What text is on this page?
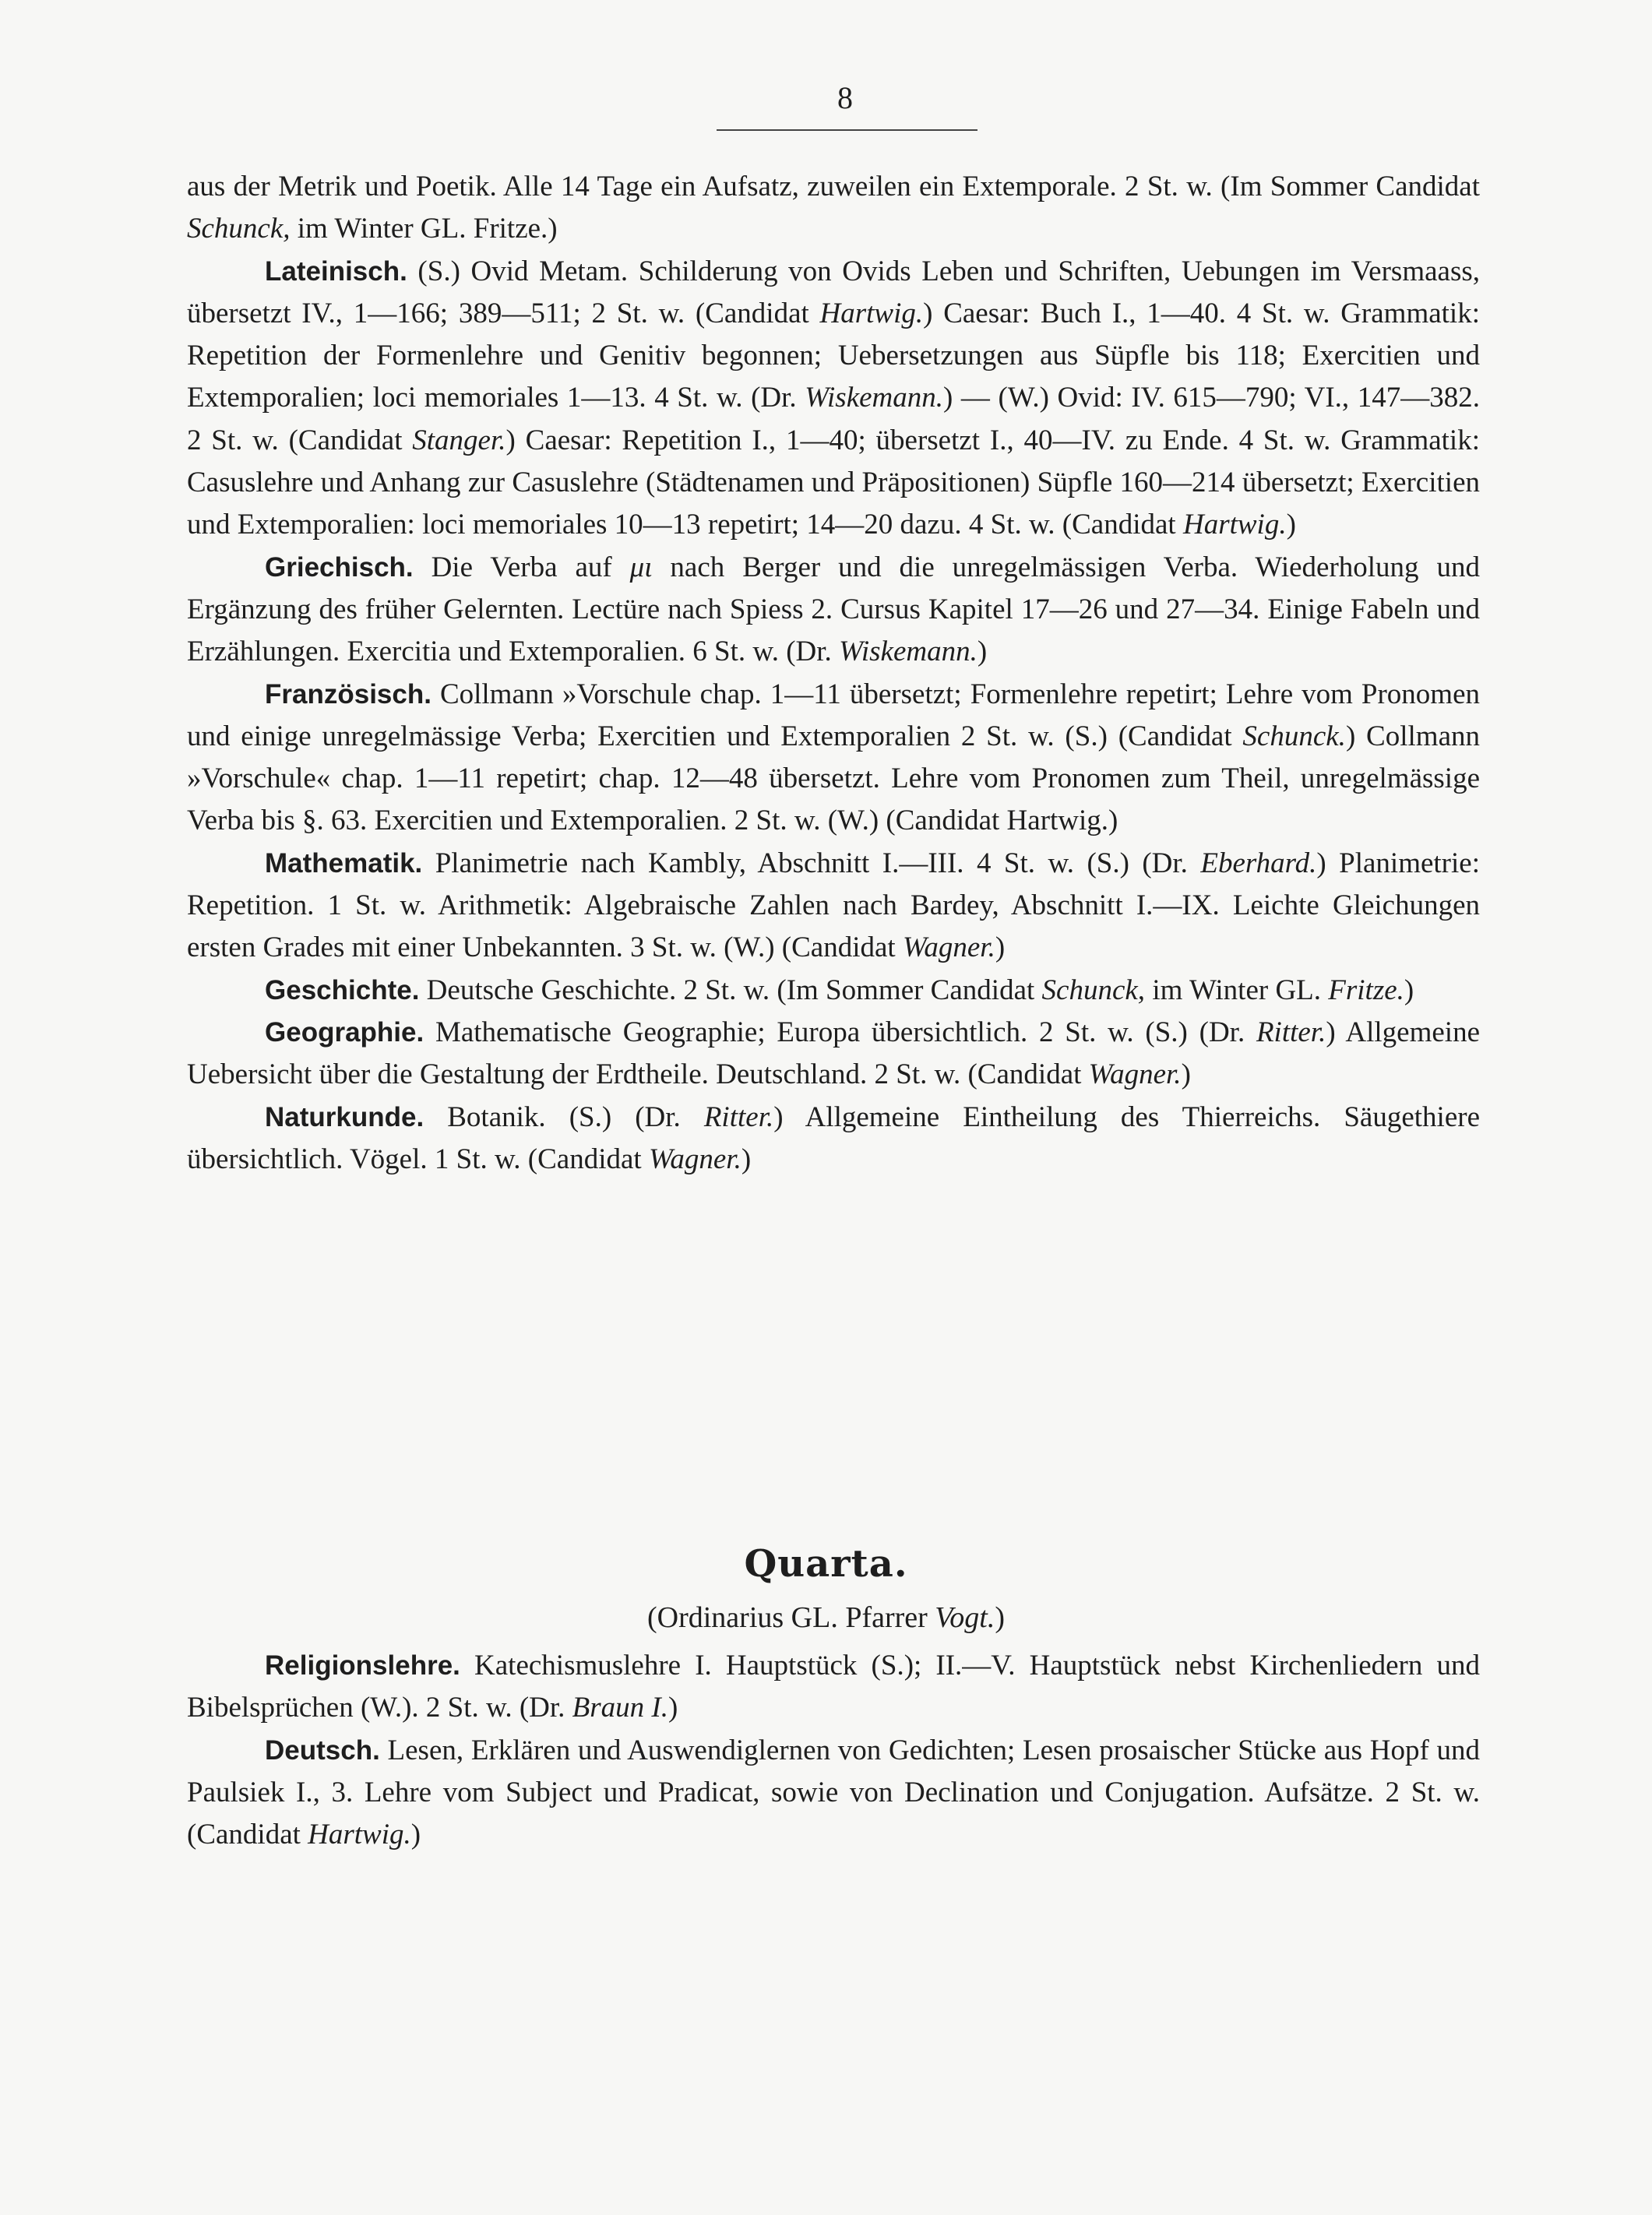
8

aus der Metrik und Poetik. Alle 14 Tage ein Aufsatz, zuweilen ein Extemporale. 2 St. w. (Im Sommer Candidat Schunck, im Winter GL. Fritze.)

Lateinisch. (S.) Ovid Metam. Schilderung von Ovids Leben und Schriften, Uebungen im Versmaass, übersetzt IV., 1—166; 389—511; 2 St. w. (Candidat Hartwig.) Caesar: Buch I., 1—40. 4 St. w. Grammatik: Repetition der Formenlehre und Genitiv begonnen; Uebersetzungen aus Süpfle bis 118; Exercitien und Extemporalien; loci memoriales 1—13. 4 St. w. (Dr. Wiskemann.) — (W.) Ovid: IV. 615—790; VI., 147—382. 2 St. w. (Candidat Stanger.) Caesar: Repetition I., 1—40; übersetzt I., 40—IV. zu Ende. 4 St. w. Grammatik: Casuslehre und Anhang zur Casuslehre (Städtenamen und Präpositionen) Süpfle 160—214 übersetzt; Exercitien und Extemporalien: loci memoriales 10—13 repetirt; 14—20 dazu. 4 St. w. (Candidat Hartwig.)

Griechisch. Die Verba auf μι nach Berger und die unregelmässigen Verba. Wiederholung und Ergänzung des früher Gelernten. Lectüre nach Spiess 2. Cursus Kapitel 17—26 und 27—34. Einige Fabeln und Erzählungen. Exercitia und Extemporalien. 6 St. w. (Dr. Wiskemann.)

Französisch. Collmann »Vorschule chap. 1—11 übersetzt; Formenlehre repetirt; Lehre vom Pronomen und einige unregelmässige Verba; Exercitien und Extemporalien 2 St. w. (S.) (Candidat Schunck.) Collmann »Vorschule« chap. 1—11 repetirt; chap. 12—48 übersetzt. Lehre vom Pronomen zum Theil, unregelmässige Verba bis §. 63. Exercitien und Extemporalien. 2 St. w. (W.) (Candidat Hartwig.)

Mathematik. Planimetrie nach Kambly, Abschnitt I.—III. 4 St. w. (S.) (Dr. Eberhard.) Planimetrie: Repetition. 1 St. w. Arithmetik: Algebraische Zahlen nach Bardey, Abschnitt I.—IX. Leichte Gleichungen ersten Grades mit einer Unbekannten. 3 St. w. (W.) (Candidat Wagner.)

Geschichte. Deutsche Geschichte. 2 St. w. (Im Sommer Candidat Schunck, im Winter GL. Fritze.)

Geographie. Mathematische Geographie; Europa übersichtlich. 2 St. w. (S.) (Dr. Ritter.) Allgemeine Uebersicht über die Gestaltung der Erdtheile. Deutschland. 2 St. w. (Candidat Wagner.)

Naturkunde. Botanik. (S.) (Dr. Ritter.) Allgemeine Eintheilung des Thierreichs. Säugethiere übersichtlich. Vögel. 1 St. w. (Candidat Wagner.)

Quarta.
(Ordinarius GL. Pfarrer Vogt.)

Religionslehre. Katechismuslehre I. Hauptstück (S.); II.—V. Hauptstück nebst Kirchenliedern und Bibelsprüchen (W.). 2 St. w. (Dr. Braun I.)

Deutsch. Lesen, Erklären und Auswendiglernen von Gedichten; Lesen prosaischer Stücke aus Hopf und Paulsiek I., 3. Lehre vom Subject und Pradicat, sowie von Declination und Conjugation. Aufsätze. 2 St. w. (Candidat Hartwig.)
